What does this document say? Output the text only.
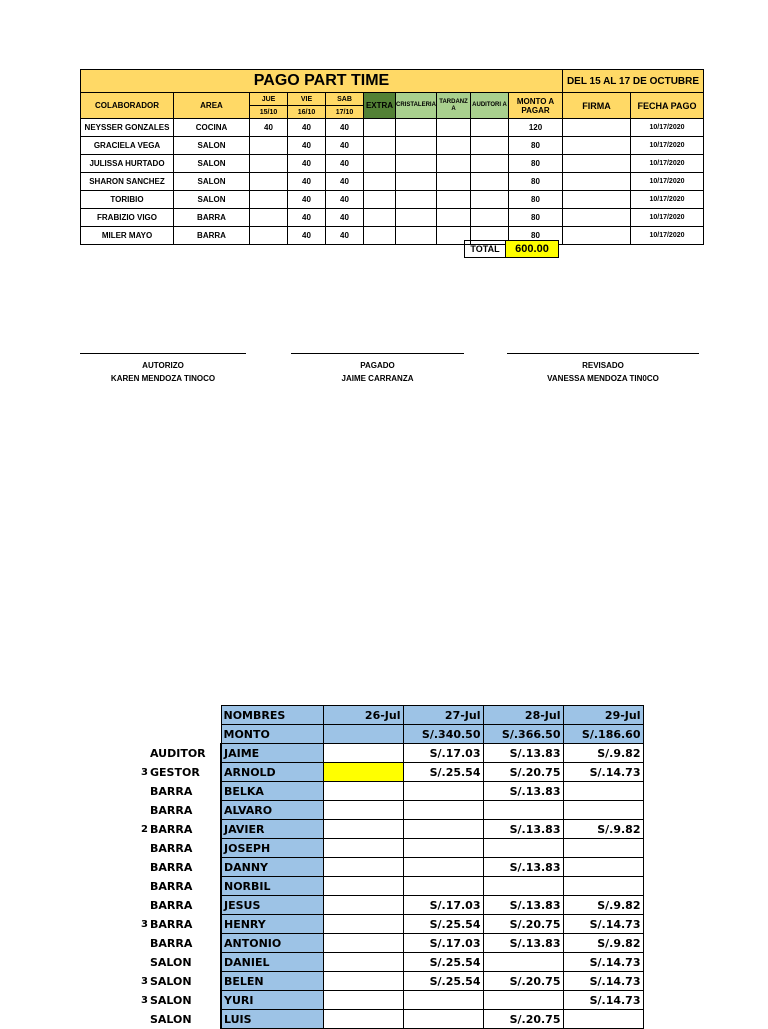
PAGO PART TIME										DEL 15 AL 17 DE OCTUBRE	
COLABORADOR	AREA	JUE	VIE	SAB	EXTRA	CRISTALERIA	TARDANZ A	AUDITORI A	MONTO A PAGAR	FIRMA	FECHA PAGO
		15/10	16/10	17/10							
NEYSSER GONZALES	COCINA	40	40	40					120		10/17/2020
GRACIELA VEGA	SALON		40	40					80		10/17/2020
JULISSA HURTADO	SALON		40	40					80		10/17/2020
SHARON SANCHEZ	SALON		40	40					80		10/17/2020
TORIBIO	SALON		40	40					80		10/17/2020
FRABIZIO VIGO	BARRA		40	40					80		10/17/2020
MILER MAYO	BARRA		40	40					80		10/17/2020
TOTAL	600.00
AUTORIZO
KAREN MENDOZA TINOCO
PAGADO
JAIME CARRANZA
REVISADO
VANESSA MENDOZA TIN0CO
		NOMBRES	26-Jul	27-Jul	28-Jul	29-Jul
		MONTO		S/.340.50	S/.366.50	S/.186.60
	AUDITOR	JAIME		S/.17.03	S/.13.83	S/.9.82
3	GESTOR	ARNOLD		S/.25.54	S/.20.75	S/.14.73
	BARRA	BELKA			S/.13.83	
	BARRA	ALVARO				
2	BARRA	JAVIER			S/.13.83	S/.9.82
	BARRA	JOSEPH				
	BARRA	DANNY			S/.13.83	
	BARRA	NORBIL				
	BARRA	JESUS		S/.17.03	S/.13.83	S/.9.82
3	BARRA	HENRY		S/.25.54	S/.20.75	S/.14.73
	BARRA	ANTONIO		S/.17.03	S/.13.83	S/.9.82
	SALON	DANIEL		S/.25.54		S/.14.73
3	SALON	BELEN		S/.25.54	S/.20.75	S/.14.73
3	SALON	YURI				S/.14.73
	SALON	LUIS			S/.20.75	
